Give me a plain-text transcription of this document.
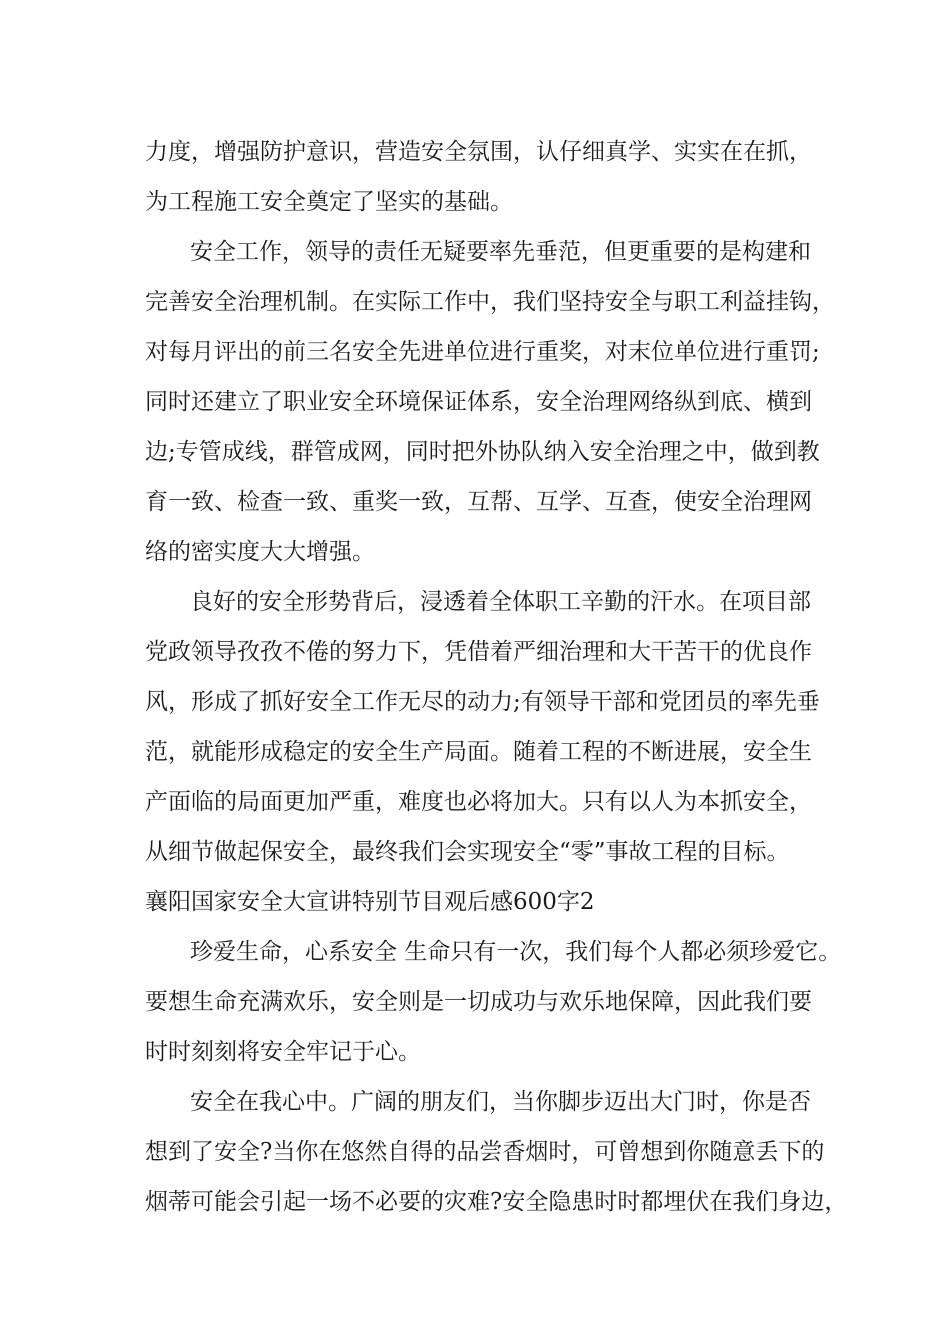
力度，增强防护意识，营造安全氛围，认仔细真学、实实在在抓，
为工程施工安全奠定了坚实的基础。
安全工作，领导的责任无疑要率先垂范，但更重要的是构建和
完善安全治理机制。在实际工作中，我们坚持安全与职工利益挂钩，
对每月评出的前三名安全先进单位进行重奖，对末位单位进行重罚;
同时还建立了职业安全环境保证体系，安全治理网络纵到底、横到
边;专管成线，群管成网，同时把外协队纳入安全治理之中，做到教
育一致、检查一致、重奖一致，互帮、互学、互查，使安全治理网
络的密实度大大增强。
良好的安全形势背后，浸透着全体职工辛勤的汗水。在项目部
党政领导孜孜不倦的努力下，凭借着严细治理和大干苦干的优良作
风，形成了抓好安全工作无尽的动力;有领导干部和党团员的率先垂
范，就能形成稳定的安全生产局面。随着工程的不断进展，安全生
产面临的局面更加严重，难度也必将加大。只有以人为本抓安全，
从细节做起保安全，最终我们会实现安全“零”事故工程的目标。
襄阳国家安全大宣讲特别节目观后感600字2
珍爱生命，心系安全 生命只有一次，我们每个人都必须珍爱它。
要想生命充满欢乐，安全则是一切成功与欢乐地保障，因此我们要
时时刻刻将安全牢记于心。
安全在我心中。广阔的朋友们，当你脚步迈出大门时，你是否
想到了安全?当你在悠然自得的品尝香烟时，可曾想到你随意丢下的
烟蒂可能会引起一场不必要的灾难?安全隐患时时都埋伏在我们身边，
